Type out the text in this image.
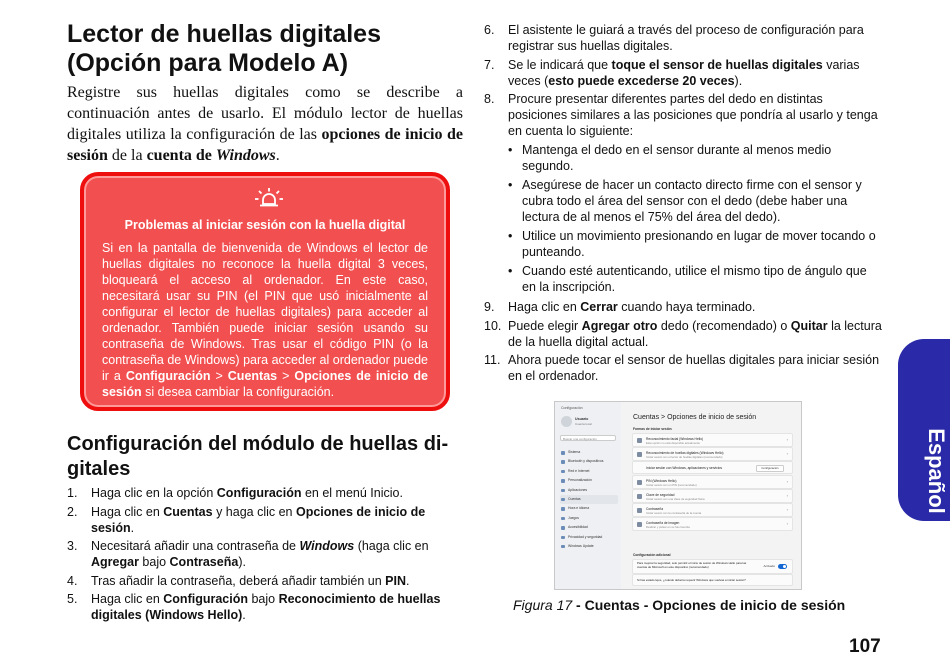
Lector de huellas digitales
(Opción para Modelo A)

Registre sus huellas digitales como se describe a continuación antes de usarlo. El módulo lector de huellas digitales utiliza la configuración de las opciones de inicio de sesión de la cuenta de Windows.

Problemas al iniciar sesión con la huella digital
Si en la pantalla de bienvenida de Windows el lector de huellas digitales no reconoce la huella digital 3 veces, bloqueará el acceso al ordenador. En este caso, necesitará usar su PIN (el PIN que usó inicialmente al configurar el lector de huellas digitales) para acceder al ordenador. También puede iniciar sesión usando su contraseña de Windows. Tras usar el código PIN (o la contraseña de Windows) para acceder al ordenador puede ir a Configuración > Cuentas > Opciones de inicio de sesión si desea cambiar la configuración.
Configuración del módulo de huellas di-
gitales
1. Haga clic en la opción Configuración en el menú Inicio.
2. Haga clic en Cuentas y haga clic en Opciones de inicio de sesión.
3. Necesitará añadir una contraseña de Windows (haga clic en Agregar bajo Contraseña).
4. Tras añadir la contraseña, deberá añadir también un PIN.
5. Haga clic en Configuración bajo Reconocimiento de huellas digitales (Windows Hello).
6. El asistente le guiará a través del proceso de configuración para registrar sus huellas digitales.
7. Se le indicará que toque el sensor de huellas digitales varias veces (esto puede excederse 20 veces).
8. Procure presentar diferentes partes del dedo en distintas posiciones similares a las posiciones que pondría al usarlo y tenga en cuenta lo siguiente:
• Mantenga el dedo en el sensor durante al menos medio segundo.
• Asegúrese de hacer un contacto directo firme con el sensor y cubra todo el área del sensor con el dedo (debe haber una lectura de al menos el 75% del área del dedo).
• Utilice un movimiento presionando en lugar de mover tocando o punteando.
• Cuando esté autenticando, utilice el mismo tipo de ángulo que en la inscripción.
9. Haga clic en Cerrar cuando haya terminado.
10. Puede elegir Agregar otro dedo (recomendado) o Quitar la lectura de la huella digital actual.
11. Ahora puede tocar el sensor de huellas digitales para iniciar sesión en el ordenador.
Configuración
Usuario
Cuenta local
Buscar una configuración
Sistema
Bluetooth y dispositivos
Red e Internet
Personalización
Aplicaciones
Cuentas
Hora e idioma
Juegos
Accesibilidad
Privacidad y seguridad
Windows Update
Cuentas > Opciones de inicio de sesión
Formas de iniciar sesión
Reconocimiento facial (Windows Hello)
Esta opción no está disponible actualmente
›
Reconocimiento de huellas digitales (Windows Hello)
Iniciar sesión con el lector de huellas digitales (recomendado)
›
Iniciar sesión con Windows, aplicaciones y servicios	Configuración
PIN (Windows Hello)
Iniciar sesión con un PIN (recomendado)
›
Clave de seguridad
Iniciar sesión con una clave de seguridad física
›
Contraseña
Iniciar sesión con la contraseña de la cuenta
›
Contraseña de imagen
Deslizar y pulsar en su foto favorita
›
Configuración adicional
Para mejorar la seguridad, solo permitir el inicio de sesión de Windows Hello para las cuentas de Microsoft en este dispositivo (recomendado)	Activado
Si has estado lejos, ¿cuándo debería requerir Windows que vuelvas a iniciar sesión?
Figura 17 - Cuentas - Opciones de inicio de sesión
Español
107
